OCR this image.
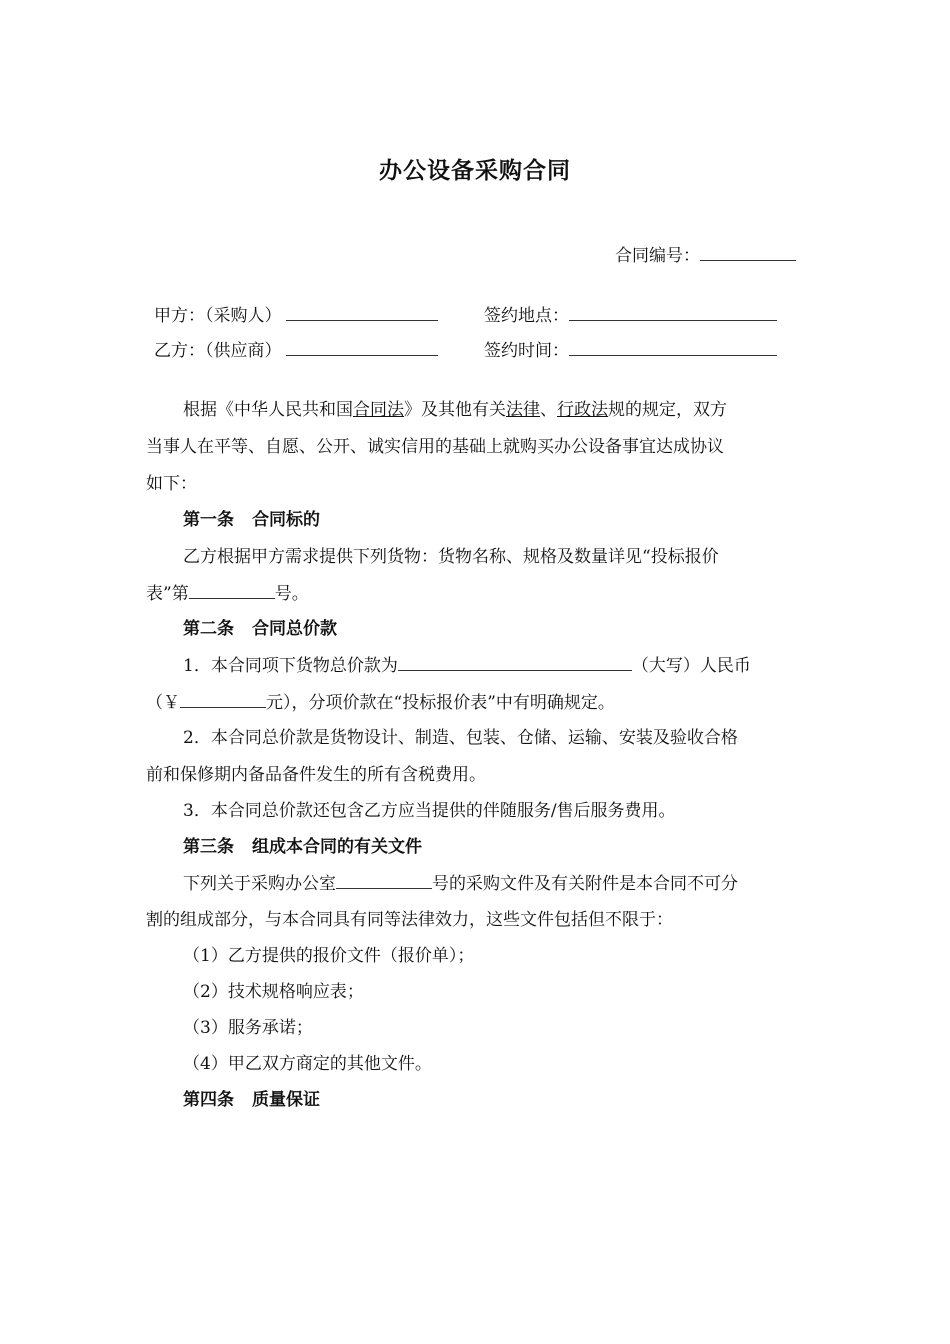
办公设备采购合同
合同编号：
甲方：（采购人）	签约地点：
乙方：（供应商）	签约时间：
根据《中华人民共和国合同法》及其他有关法律、行政法规的规定，双方
当事人在平等、自愿、公开、诚实信用的基础上就购买办公设备事宜达成协议
如下：
第一条 合同标的
乙方根据甲方需求提供下列货物：货物名称、规格及数量详见“投标报价
表”第	号。
第二条 合同总价款
1．本合同项下货物总价款为	（大写）人民币
（￥	元），分项价款在“投标报价表”中有明确规定。
2．本合同总价款是货物设计、制造、包装、仓储、运输、安装及验收合格
前和保修期内备品备件发生的所有含税费用。
3．本合同总价款还包含乙方应当提供的伴随服务/售后服务费用。
第三条 组成本合同的有关文件
下列关于采购办公室	号的采购文件及有关附件是本合同不可分
割的组成部分，与本合同具有同等法律效力，这些文件包括但不限于：
（1）乙方提供的报价文件（报价单）；
（2）技术规格响应表；
（3）服务承诺；
（4）甲乙双方商定的其他文件。
第四条 质量保证
